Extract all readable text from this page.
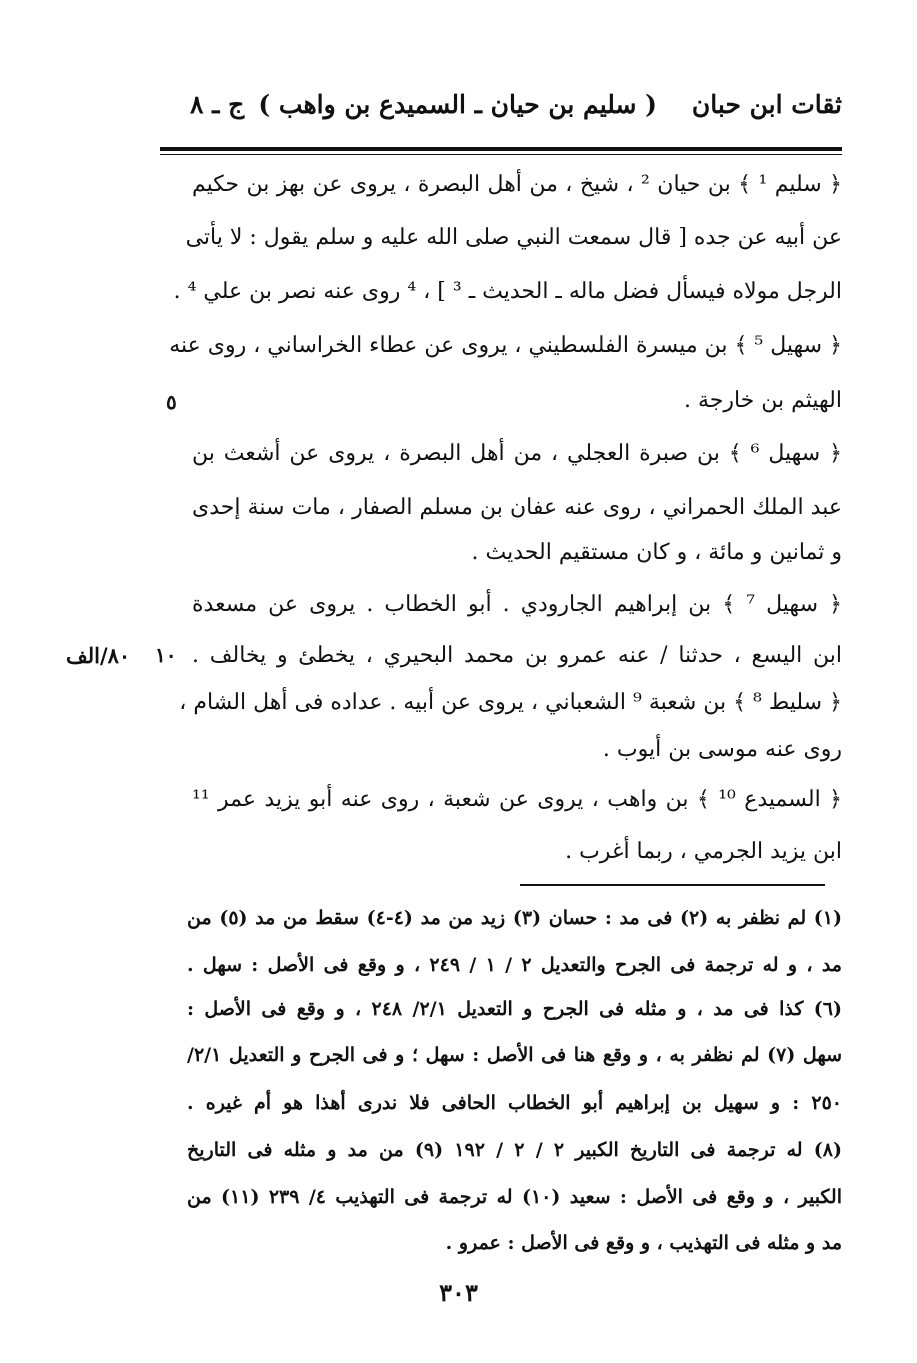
ثقات ابن حبان
( سليم بن حيان ـ السميدع بن واهب )
ج ـ ٨
﴿ سليم ¹ ﴾ بن حيان ² ، شيخ ، من أهل البصرة ، يروى عن بهز بن حكيم
عن أبيه عن جده [ قال سمعت النبي صلى الله عليه و سلم يقول : لا يأتى
الرجل مولاه فيسأل فضل ماله ـ الحديث ـ ³ ] ، ⁴ روى عنه نصر بن علي ⁴ .
﴿ سهيل ⁵ ﴾ بن ميسرة الفلسطيني ، يروى عن عطاء الخراساني ، روى عنه
الهيثم بن خارجة .
﴿ سهيل ⁶ ﴾ بن صبرة العجلي ، من أهل البصرة ، يروى عن أشعث بن
عبد الملك الحمراني ، روى عنه عفان بن مسلم الصفار ، مات سنة إحدى
و ثمانين و مائة ، و كان مستقيم الحديث .
﴿ سهيل ⁷ ﴾ بن إبراهيم الجارودي . أبو الخطاب . يروى عن مسعدة
ابن اليسع ، حدثنا / عنه عمرو بن محمد البحيري ، يخطئ و يخالف .
﴿ سليط ⁸ ﴾ بن شعبة ⁹ الشعباني ، يروى عن أبيه . عداده فى أهل الشام ،
روى عنه موسى بن أيوب .
﴿ السميدع ¹⁰ ﴾ بن واهب ، يروى عن شعبة ، روى عنه أبو يزيد عمر ¹¹
ابن يزيد الجرمي ، ربما أغرب .
٥
١٠
٨٠/الف
(١) لم نظفر به (٢) فى مد : حسان (٣) زيد من مد (٤-٤) سقط من مد (٥) من
مد ، و له ترجمة فى الجرح والتعديل ٢ / ١ / ٢٤٩ ، و وقع فى الأصل : سهل .
(٦) كذا فى مد ، و مثله فى الجرح و التعديل ٢/١/ ٢٤٨ ، و وقع فى الأصل :
سهل (٧) لم نظفر به ، و وقع هنا فى الأصل : سهل ؛ و فى الجرح و التعديل ٢/١/
٢٥٠ : و سهيل بن إبراهيم أبو الخطاب الحافى فلا ندرى أهذا هو أم غيره .
(٨) له ترجمة فى التاريخ الكبير ٢ / ٢ / ١٩٢ (٩) من مد و مثله فى التاريخ
الكبير ، و وقع فى الأصل : سعيد (١٠) له ترجمة فى التهذيب ٤/ ٢٣٩ (١١) من
مد و مثله فى التهذيب ، و وقع فى الأصل : عمرو .
٣٠٣
